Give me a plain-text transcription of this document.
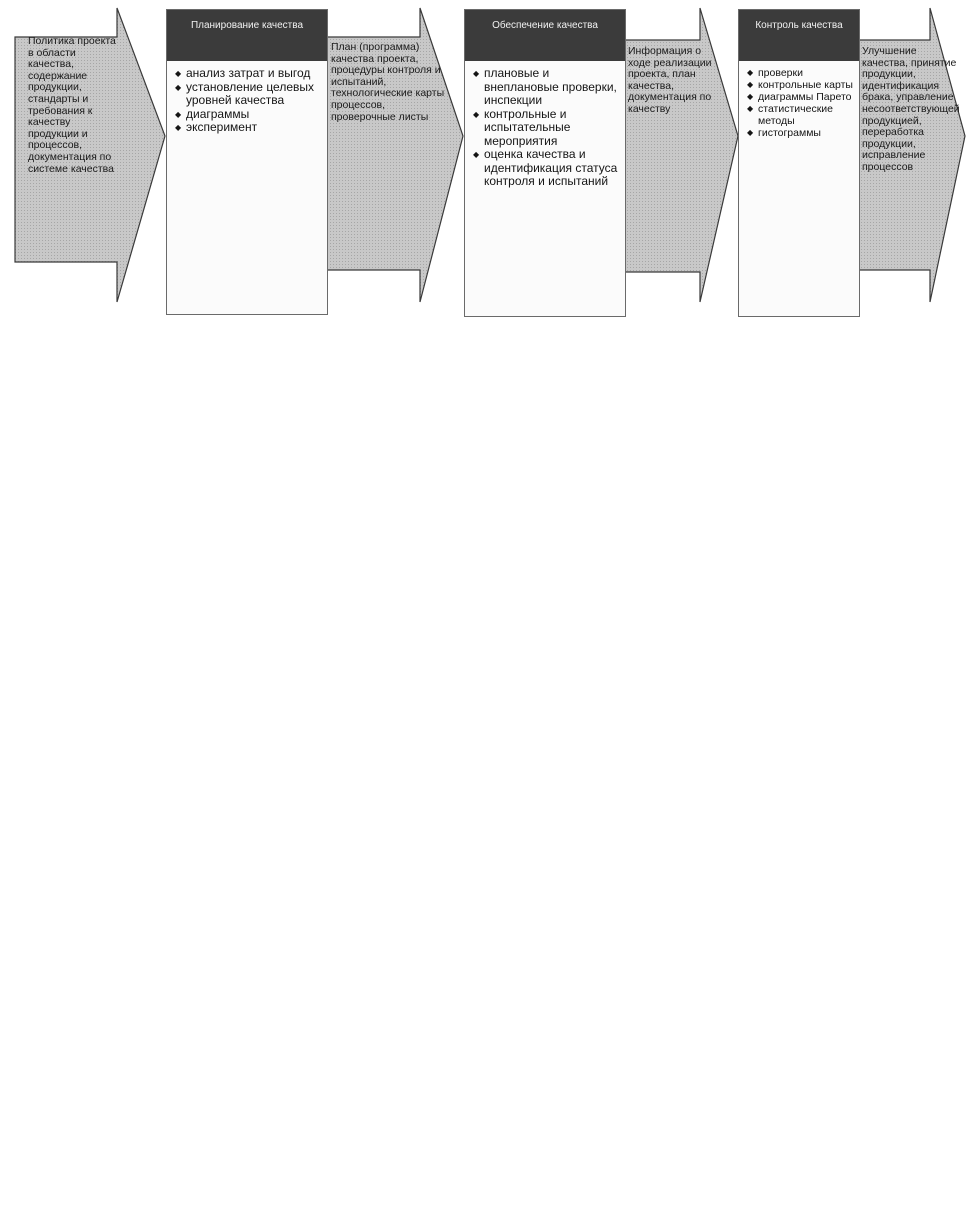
Политика проекта в области качества, содержание продукции, стандарты и требования к качеству продукции и процессов, документация по системе качества
План (программа) качества проекта, процедуры контроля и испытаний, технологические карты процессов, проверочные листы
Информация о ходе реализации проекта, план качества, документация по качеству
Улучшение качества, принятие продукции, идентификация брака, управление несоответствующей продукцией, переработка продукции, исправление процессов
Планирование качества
◆ анализ затрат и выгод
◆ установление целевых уровней качества
◆ диаграммы
◆ эксперимент
Обеспечение качества
◆ плановые и внеплановые проверки, инспекции
◆ контрольные и испытательные мероприятия
◆ оценка качества и идентификация статуса контроля и испытаний
Контроль качества
◆ проверки
◆ контрольные карты
◆ диаграммы Парето
◆ статистические методы
◆ гистограммы
